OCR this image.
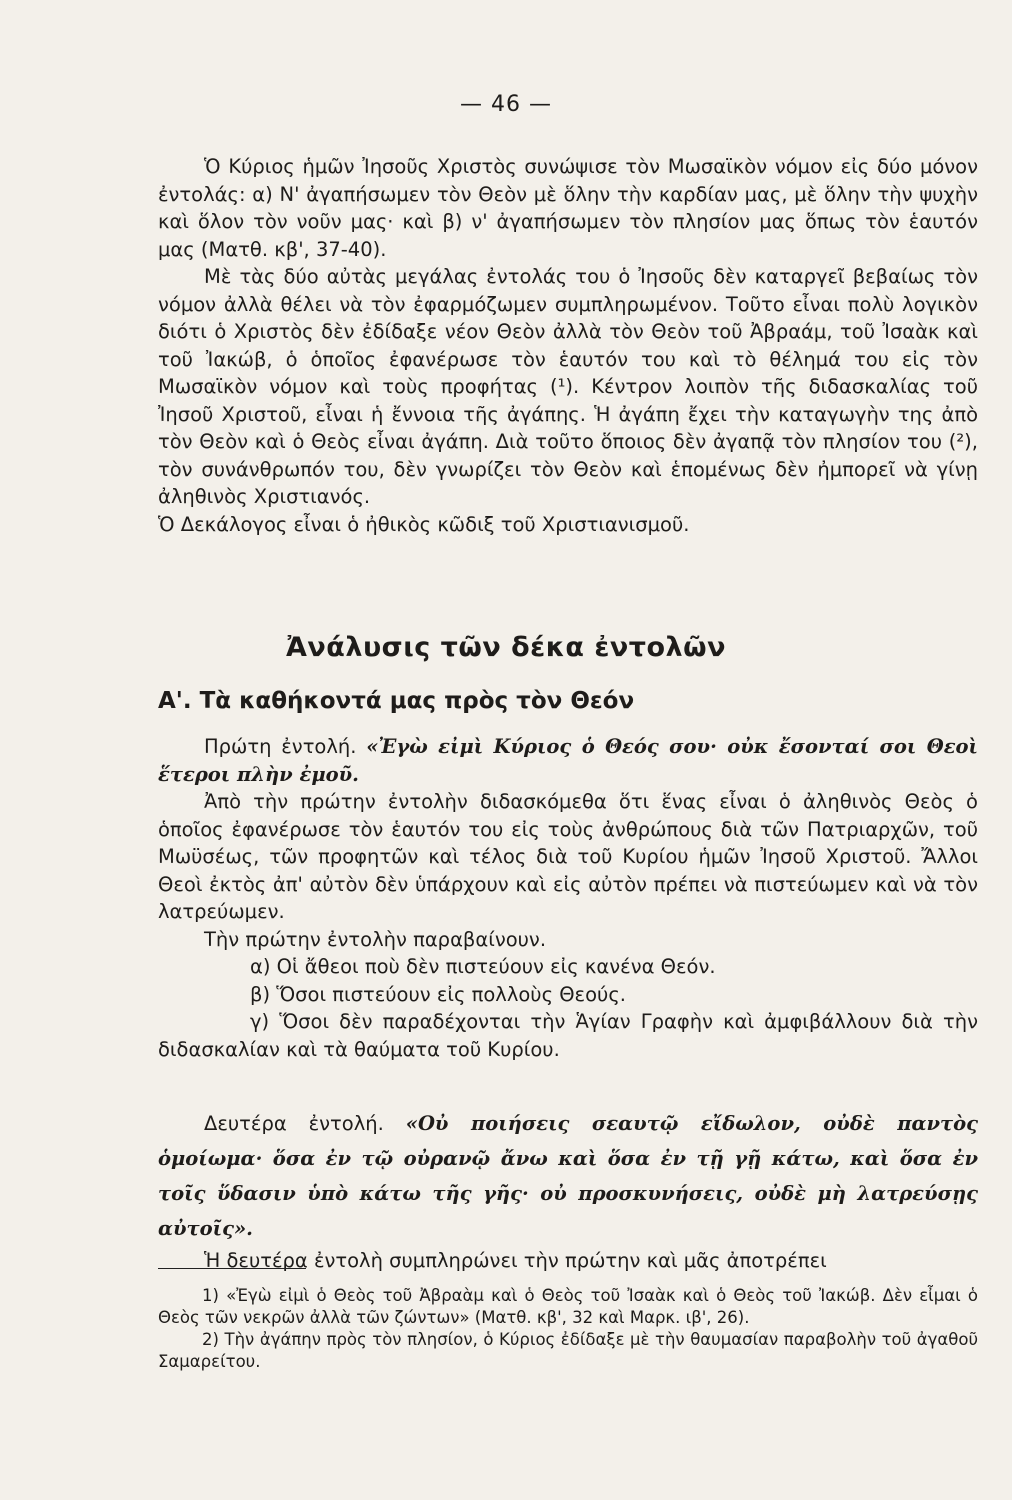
— 46 —

Ὁ Κύριος ἡμῶν Ἰησοῦς Χριστὸς συνώψισε τὸν Μωσαϊκὸν νόμον εἰς δύο μόνον ἐντολάς: α) Ν' ἀγαπήσωμεν τὸν Θεὸν μὲ ὅλην τὴν καρδίαν μας, μὲ ὅλην τὴν ψυχὴν καὶ ὅλον τὸν νοῦν μας· καὶ β) ν' ἀγαπήσωμεν τὸν πλησίον μας ὅπως τὸν ἑαυτόν μας (Ματθ. κβ', 37-40).

Μὲ τὰς δύο αὐτὰς μεγάλας ἐντολάς του ὁ Ἰησοῦς δὲν καταργεῖ βεβαίως τὸν νόμον ἀλλὰ θέλει νὰ τὸν ἐφαρμόζωμεν συμπληρωμένον. Τοῦτο εἶναι πολὺ λογικὸν διότι ὁ Χριστὸς δὲν ἐδίδαξε νέον Θεὸν ἀλλὰ τὸν Θεὸν τοῦ Ἀβραάμ, τοῦ Ἰσαὰκ καὶ τοῦ Ἰακώβ, ὁ ὁποῖος ἐφανέρωσε τὸν ἑαυτόν του καὶ τὸ θέλημά του εἰς τὸν Μωσαϊκὸν νόμον καὶ τοὺς προφήτας (¹). Κέντρον λοιπὸν τῆς διδασκαλίας τοῦ Ἰησοῦ Χριστοῦ, εἶναι ἡ ἔννοια τῆς ἀγάπης. Ἡ ἀγάπη ἔχει τὴν καταγωγὴν της ἀπὸ τὸν Θεὸν καὶ ὁ Θεὸς εἶναι ἀγάπη. Διὰ τοῦτο ὅποιος δὲν ἀγαπᾷ τὸν πλησίον του (²), τὸν συνάνθρωπόν του, δὲν γνωρίζει τὸν Θεὸν καὶ ἑπομένως δὲν ἠμπορεῖ νὰ γίνῃ ἀληθινὸς Χριστιανός.

Ὁ Δεκάλογος εἶναι ὁ ἠθικὸς κῶδιξ τοῦ Χριστιανισμοῦ.

Ἀνάλυσις τῶν δέκα ἐντολῶν
Α'. Τὰ καθήκοντά μας πρὸς τὸν Θεόν

Πρώτη ἐντολή. «Ἐγὼ εἰμὶ Κύριος ὁ Θεός σου· οὐκ ἔσονταί σοι Θεοὶ ἕτεροι πλὴν ἐμοῦ.

Ἀπὸ τὴν πρώτην ἐντολὴν διδασκόμεθα ὅτι ἕνας εἶναι ὁ ἀληθινὸς Θεὸς ὁ ὁποῖος ἐφανέρωσε τὸν ἑαυτόν του εἰς τοὺς ἀνθρώπους διὰ τῶν Πατριαρχῶν, τοῦ Μωϋσέως, τῶν προφητῶν καὶ τέλος διὰ τοῦ Κυρίου ἡμῶν Ἰησοῦ Χριστοῦ. Ἄλλοι Θεοὶ ἐκτὸς ἀπ' αὐτὸν δὲν ὑπάρχουν καὶ εἰς αὐτὸν πρέπει νὰ πιστεύωμεν καὶ νὰ τὸν λατρεύωμεν.

Τὴν πρώτην ἐντολὴν παραβαίνουν.

α) Οἱ ἄθεοι ποὺ δὲν πιστεύουν εἰς κανένα Θεόν.

β) Ὅσοι πιστεύουν εἰς πολλοὺς Θεούς.

γ) Ὅσοι δὲν παραδέχονται τὴν Ἁγίαν Γραφὴν καὶ ἀμφιβάλλουν διὰ τὴν διδασκαλίαν καὶ τὰ θαύματα τοῦ Κυρίου.

Δευτέρα ἐντολή. «Οὐ ποιήσεις σεαυτῷ εἴδωλον, οὐδὲ παντὸς ὁμοίωμα· ὅσα ἐν τῷ οὐρανῷ ἄνω καὶ ὅσα ἐν τῇ γῇ κάτω, καὶ ὅσα ἐν τοῖς ὕδασιν ὑπὸ κάτω τῆς γῆς· οὐ προσκυνήσεις, οὐδὲ μὴ λατρεύσῃς αὐτοῖς».

Ἡ δευτέρα ἐντολὴ συμπληρώνει τὴν πρώτην καὶ μᾶς ἀποτρέπει

1) «Ἐγὼ εἰμὶ ὁ Θεὸς τοῦ Ἀβραὰμ καὶ ὁ Θεὸς τοῦ Ἰσαὰκ καὶ ὁ Θεὸς τοῦ Ἰακώβ. Δὲν εἶμαι ὁ Θεὸς τῶν νεκρῶν ἀλλὰ τῶν ζώντων» (Ματθ. κβ', 32 καὶ Μαρκ. ιβ', 26).

2) Τὴν ἀγάπην πρὸς τὸν πλησίον, ὁ Κύριος ἐδίδαξε μὲ τὴν θαυμασίαν παραβολὴν τοῦ ἀγαθοῦ Σαμαρείτου.
